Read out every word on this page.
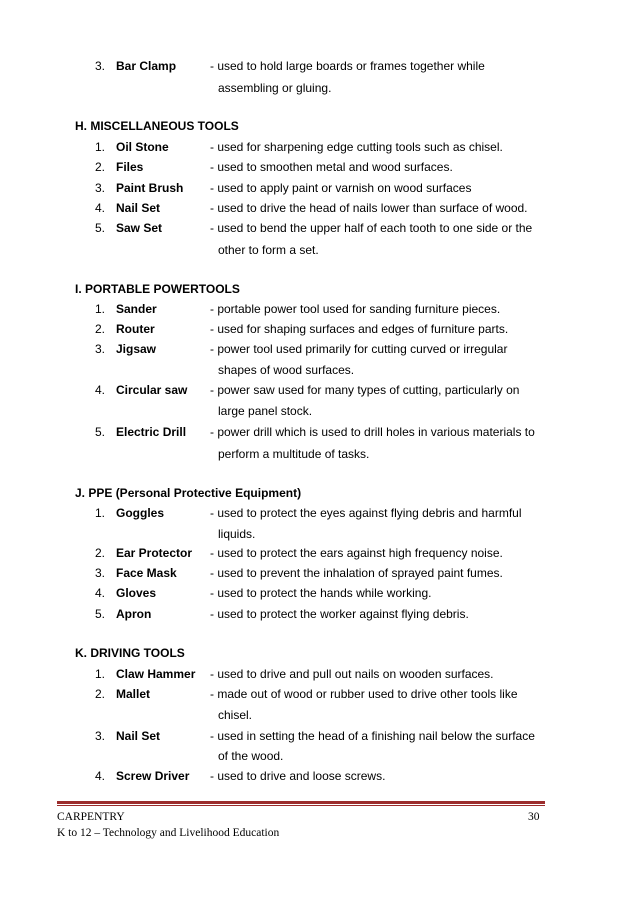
3. Bar Clamp	- used to hold large boards or frames together while
assembling or gluing.
H. MISCELLANEOUS TOOLS
1. Oil Stone	- used for sharpening edge cutting tools such as chisel.
2. Files	- used to smoothen metal and wood surfaces.
3. Paint Brush - used to apply paint or varnish on wood surfaces
4. Nail Set	- used to drive the head of nails lower than surface of wood.
5. Saw Set	- used to bend the upper half of each tooth to one side or the
other to form a set.
I. PORTABLE POWERTOOLS
1. Sander	- portable power tool used for sanding furniture pieces.
2. Router	- used for shaping surfaces and edges of furniture parts.
3. Jigsaw	- power tool used primarily for cutting curved or irregular
shapes of wood surfaces.
4. Circular saw - power saw used for many types of cutting, particularly on
large panel stock.
5. Electric Drill - power drill which is used to drill holes in various materials to
perform a multitude of tasks.
J. PPE (Personal Protective Equipment)
1. Goggles	- used to protect the eyes against flying debris and harmful
liquids.
2. Ear Protector - used to protect the ears against high frequency noise.
3. Face Mask	- used to prevent the inhalation of sprayed paint fumes.
4. Gloves	- used to protect the hands while working.
5. Apron	- used to protect the worker against flying debris.
K. DRIVING TOOLS
1. Claw Hammer - used to drive and pull out nails on wooden surfaces.
2. Mallet	- made out of wood or rubber used to drive other tools like
chisel.
3. Nail Set	- used in setting the head of a finishing nail below the surface
of the wood.
4. Screw Driver - used to drive and loose screws.
CARPENTRY	30
K to 12 – Technology and Livelihood Education
